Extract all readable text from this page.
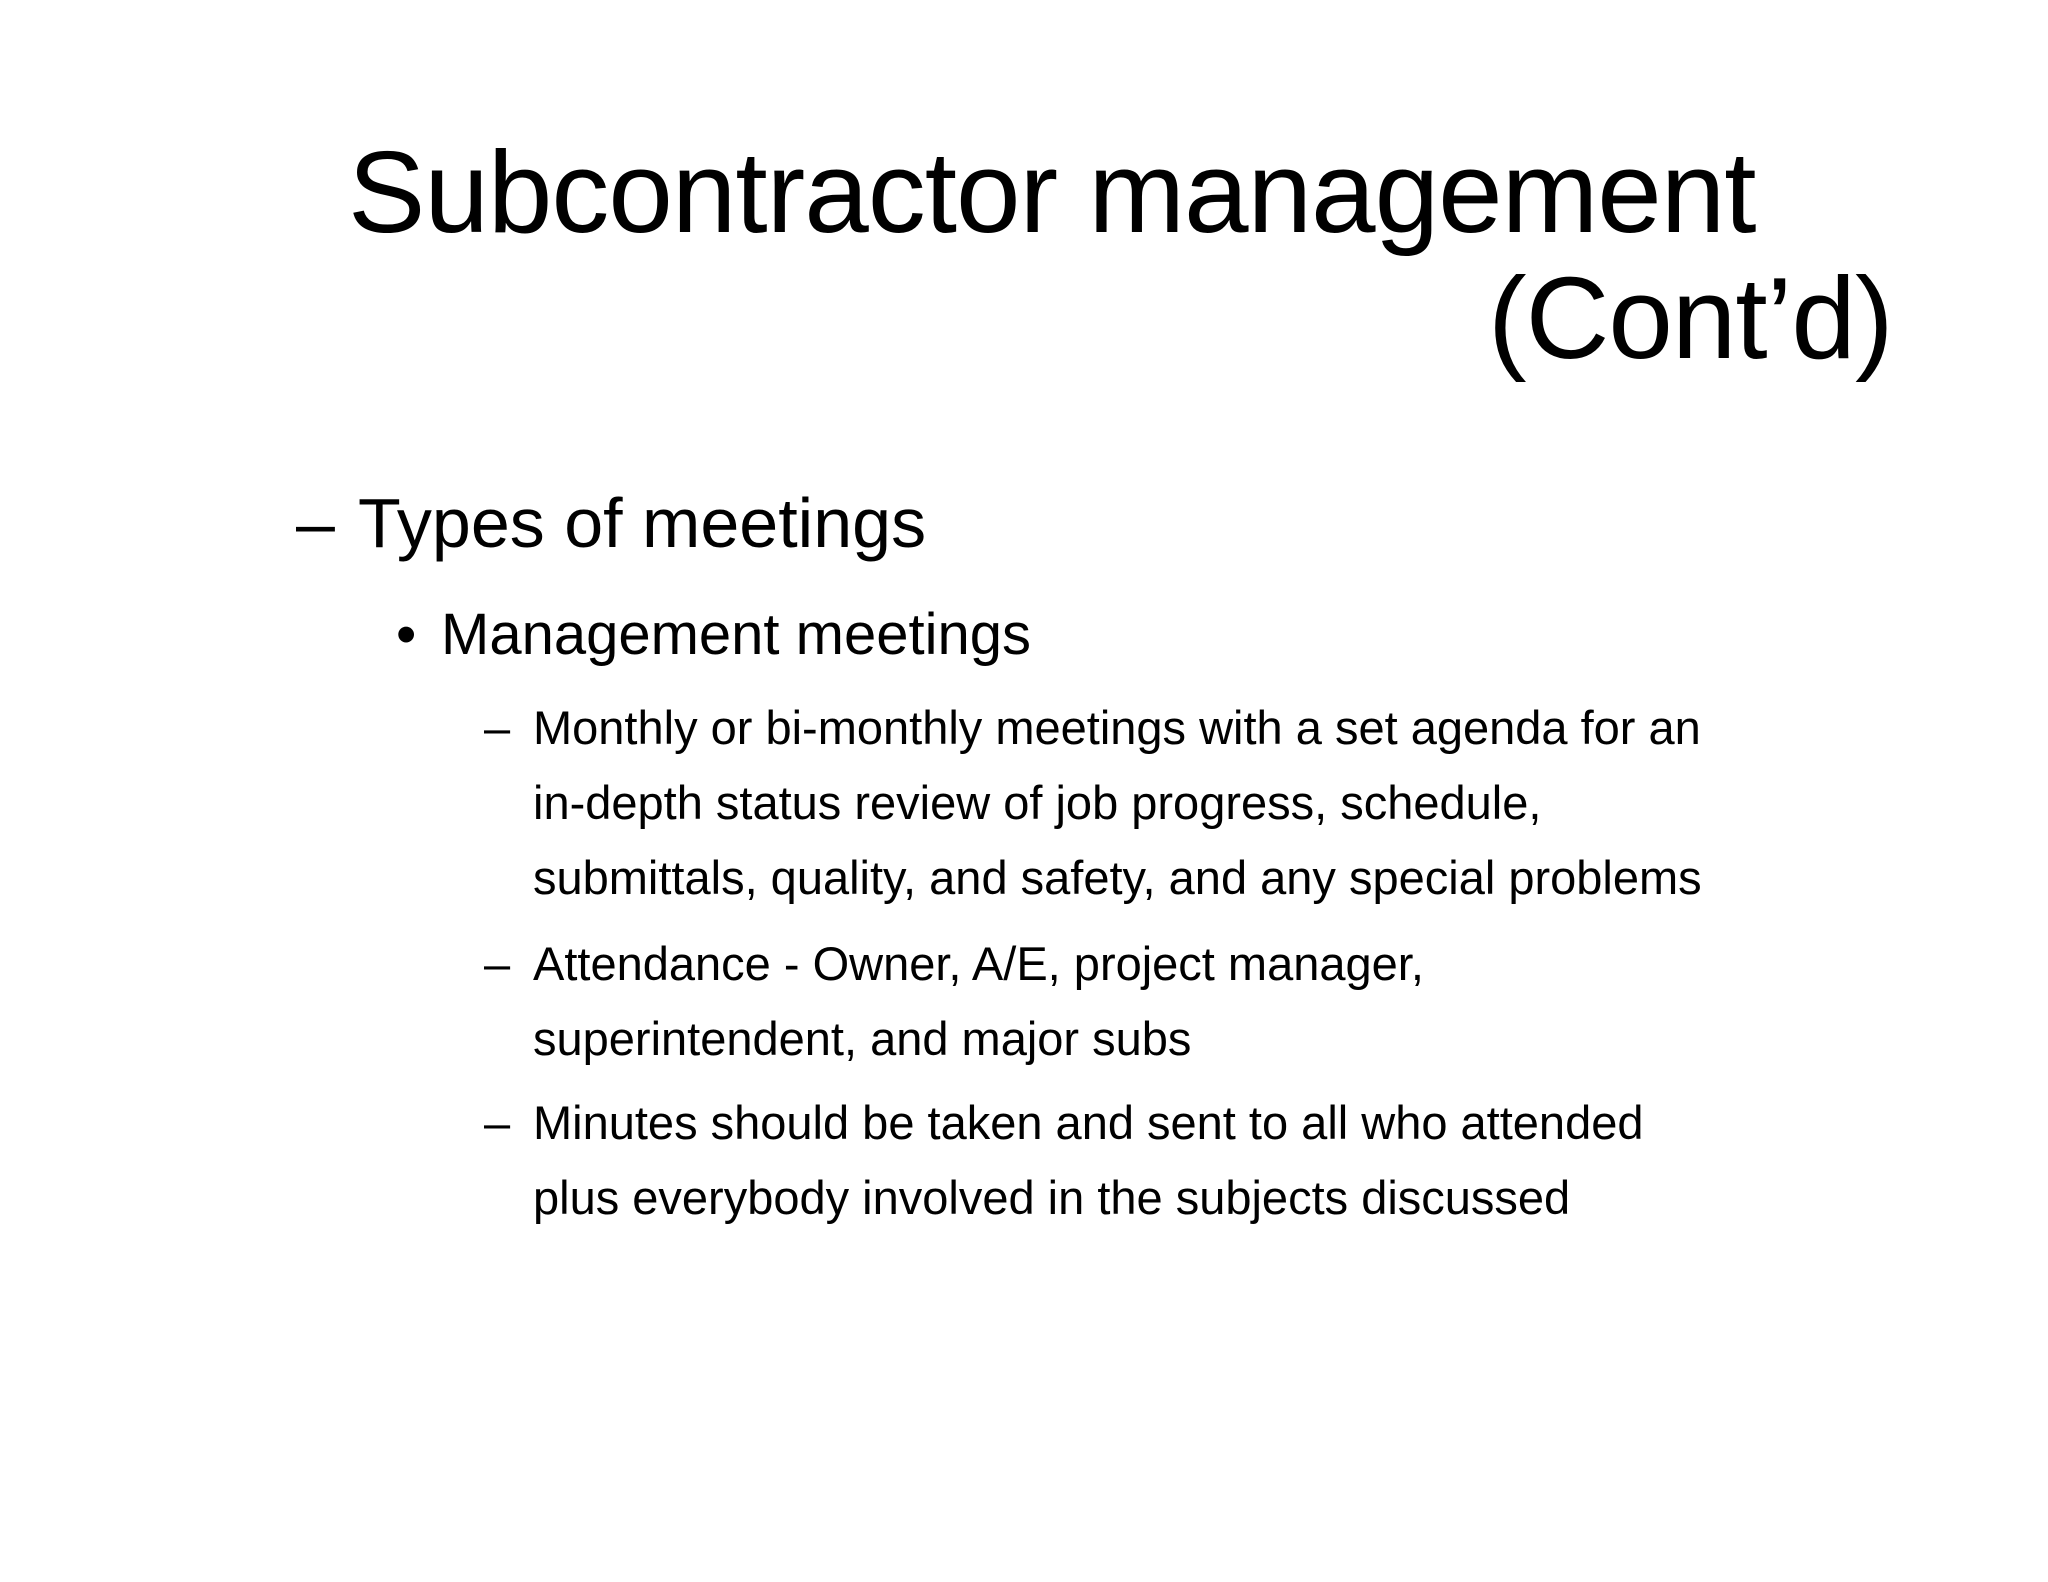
Subcontractor management
(Cont’d)
– Types of meetings
• Management meetings
– Monthly or bi-monthly meetings with a set agenda for an
in-depth status review of job progress, schedule,
submittals, quality, and safety, and any special problems
– Attendance - Owner, A/E, project manager,
superintendent, and major subs
– Minutes should be taken and sent to all who attended
plus everybody involved in the subjects discussed
